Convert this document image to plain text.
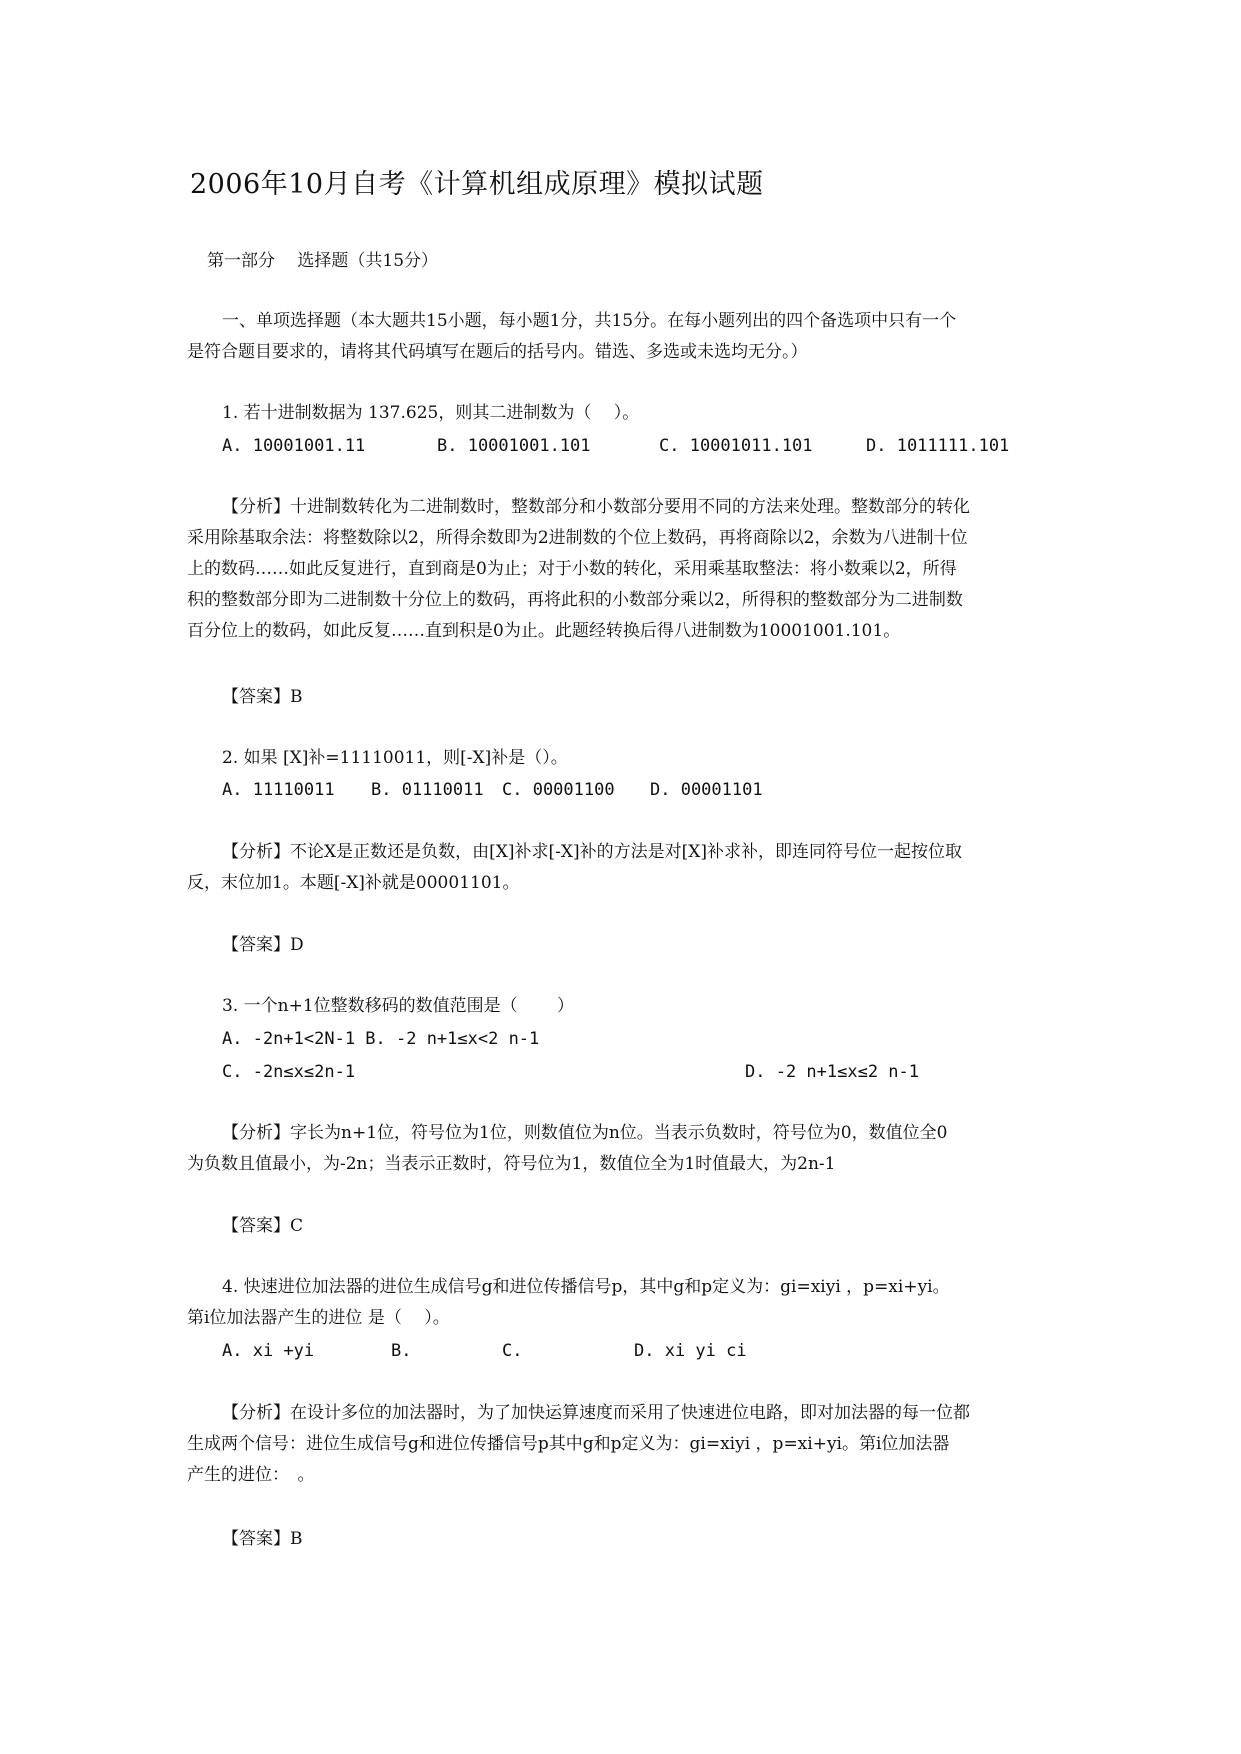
2006年10月自考《计算机组成原理》模拟试题
第一部分　 选择题（共15分）
一、单项选择题（本大题共15小题，每小题1分，共15分。在每小题列出的四个备选项中只有一个
是符合题目要求的，请将其代码填写在题后的括号内。错选、多选或未选均无分。）
1. 若十进制数据为 137.625，则其二进制数为（　 ）。
A. 10001001.11	B. 10001001.101	C. 10001011.101	D. 1011111.101
【分析】十进制数转化为二进制数时，整数部分和小数部分要用不同的方法来处理。整数部分的转化
采用除基取余法：将整数除以2，所得余数即为2进制数的个位上数码，再将商除以2，余数为八进制十位
上的数码……如此反复进行，直到商是0为止；对于小数的转化，采用乘基取整法：将小数乘以2，所得
积的整数部分即为二进制数十分位上的数码，再将此积的小数部分乘以2，所得积的整数部分为二进制数
百分位上的数码，如此反复……直到积是0为止。此题经转换后得八进制数为10001001.101。
【答案】B
2. 如果 [X]补=11110011，则[-X]补是（）。
A. 11110011 B. 01110011 C. 00001100 D. 00001101
【分析】不论X是正数还是负数，由[X]补求[-X]补的方法是对[X]补求补，即连同符号位一起按位取
反，末位加1。本题[-X]补就是00001101。
【答案】D
3. 一个n+1位整数移码的数值范围是（　　 ）
A. -2n+1<2N-1 B. -2 n+1≤x<2 n-1
C. -2n≤x≤2n-1	D. -2 n+1≤x≤2 n-1
【分析】字长为n+1位，符号位为1位，则数值位为n位。当表示负数时，符号位为0，数值位全0
为负数且值最小，为-2n；当表示正数时，符号位为1，数值位全为1时值最大，为2n-1
【答案】C
4. 快速进位加法器的进位生成信号g和进位传播信号p，其中g和p定义为：gi=xiyi ，p=xi+yi。
第i位加法器产生的进位 是（　 ）。
A. xi +yi	B.	C.	D. xi yi ci
【分析】在设计多位的加法器时，为了加快运算速度而采用了快速进位电路，即对加法器的每一位都
生成两个信号：进位生成信号g和进位传播信号p其中g和p定义为：gi=xiyi ，p=xi+yi。第i位加法器
产生的进位：　。
【答案】B
